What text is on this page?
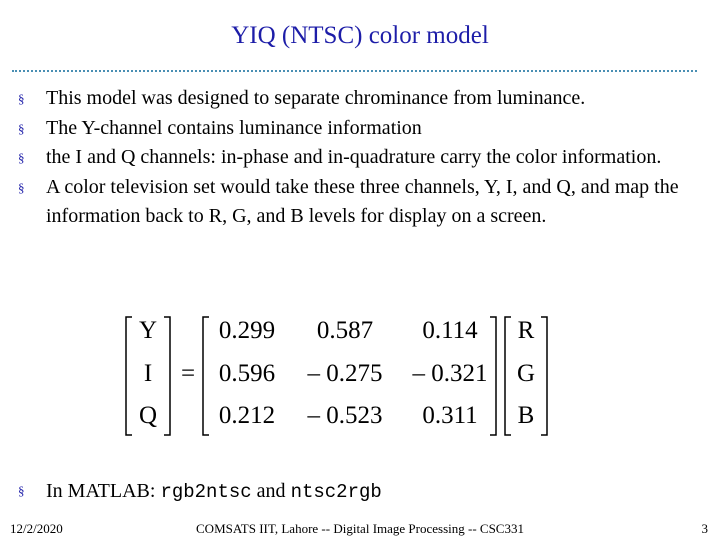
YIQ (NTSC) color model
§ This model was designed to separate chrominance from luminance.
§ The Y-channel contains luminance information
§ the I and Q channels: in-phase and in-quadrature carry the color information.
§ A color television set would take these three channels, Y, I, and Q, and map the information back to R, G, and B levels for display on a screen.
Y
I
Q
=
0.299 0.587 0.114
0.596 – 0.275 – 0.321
0.212 – 0.523 0.311
R
G
B
§ In MATLAB: rgb2ntsc and ntsc2rgb
12/2/2020	COMSATS IIT, Lahore -- Digital Image Processing -- CSC331	3
